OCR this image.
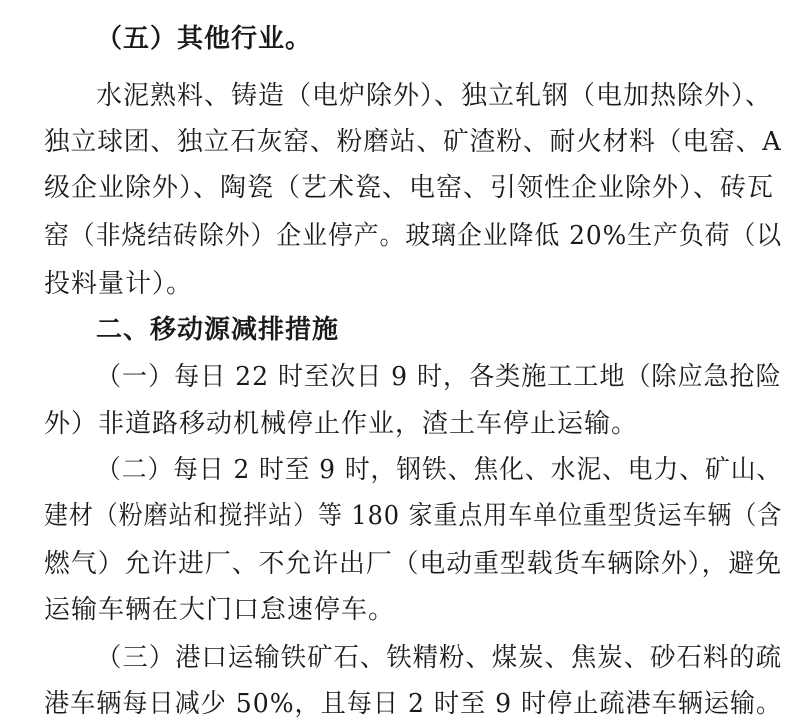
（五）其他行业。
水泥熟料、铸造（电炉除外）、独立轧钢（电加热除外）、
独立球团、独立石灰窑、粉磨站、矿渣粉、耐火材料（电窑、A
级企业除外）、陶瓷（艺术瓷、电窑、引领性企业除外）、砖瓦
窑（非烧结砖除外）企业停产。玻璃企业降低 20%生产负荷（以
投料量计）。
二、移动源减排措施
（一）每日 22 时至次日 9 时，各类施工工地（除应急抢险
外）非道路移动机械停止作业，渣土车停止运输。
（二）每日 2 时至 9 时，钢铁、焦化、水泥、电力、矿山、
建材（粉磨站和搅拌站）等 180 家重点用车单位重型货运车辆（含
燃气）允许进厂、不允许出厂（电动重型载货车辆除外），避免
运输车辆在大门口怠速停车。
（三）港口运输铁矿石、铁精粉、煤炭、焦炭、砂石料的疏
港车辆每日减少 50%，且每日 2 时至 9 时停止疏港车辆运输。
